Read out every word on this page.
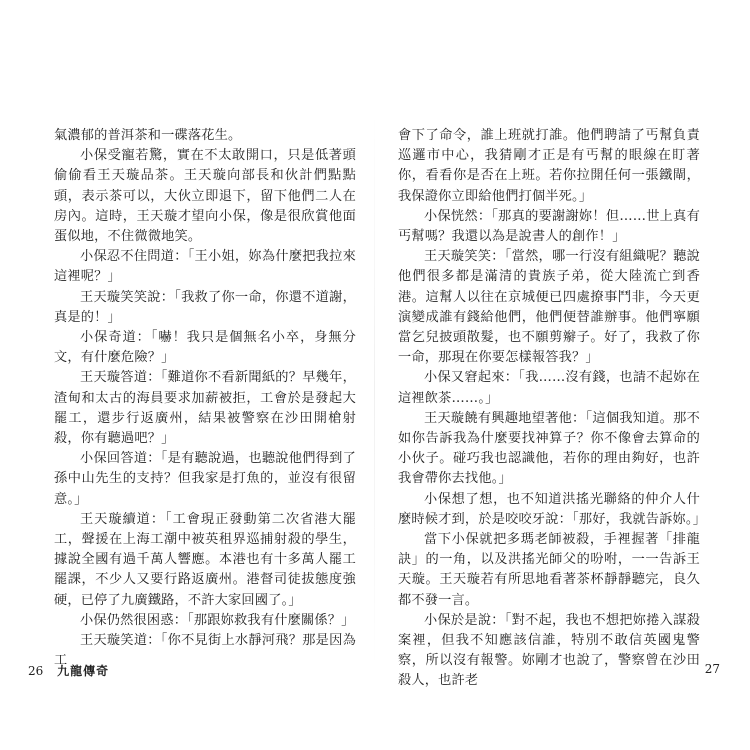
氣濃郁的普洱茶和一碟落花生。

小保受寵若驚，實在不太敢開口，只是低著頭偷偷看王天璇品茶。王天璇向部長和伙計們點點頭，表示茶可以，大伙立即退下，留下他們二人在房內。這時，王天璇才望向小保，像是很欣賞他面蛋似地，不住微微地笑。

小保忍不住問道：「王小姐，妳為什麼把我拉來這裡呢？」

王天璇笑笑說：「我救了你一命，你還不道謝，真是的！」

小保奇道：「嚇！我只是個無名小卒，身無分文，有什麼危險？」

王天璇答道：「難道你不看新聞紙的？早幾年，渣甸和太古的海員要求加薪被拒，工會於是發起大罷工，還步行返廣州，結果被警察在沙田開槍射殺，你有聽過吧？」

小保回答道：「是有聽說過，也聽說他們得到了孫中山先生的支持？但我家是打魚的，並沒有很留意。」

王天璇續道：「工會現正發動第二次省港大罷工，聲援在上海工潮中被英租界巡捕射殺的學生，據說全國有過千萬人響應。本港也有十多萬人罷工罷課，不少人又要行路返廣州。港督司徒拔態度強硬，已停了九廣鐵路，不許大家回國了。」

小保仍然很困惑：「那跟妳救我有什麼關係？」

王天璇笑道：「你不見街上水靜河飛？那是因為工

會下了命令，誰上班就打誰。他們聘請了丐幫負責巡邏市中心，我猜剛才正是有丐幫的眼線在盯著你，看看你是否在上班。若你拉開任何一張鐵閘，我保證你立即給他們打個半死。」

小保恍然：「那真的要謝謝妳！但……世上真有丐幫嗎？我還以為是說書人的創作！」

王天璇笑笑：「當然，哪一行沒有組織呢？聽說他們很多都是滿清的貴族子弟，從大陸流亡到香港。這幫人以往在京城便已四處撩事鬥非，今天更演變成誰有錢給他們，他們便替誰辦事。他們寧願當乞兒披頭散髮，也不願剪辮子。好了，我救了你一命，那現在你要怎樣報答我？」

小保又窘起來：「我……沒有錢，也請不起妳在這裡飲茶……。」

王天璇饒有興趣地望著他：「這個我知道。那不如你告訴我為什麼要找神算子？你不像會去算命的小伙子。碰巧我也認識他，若你的理由夠好，也許我會帶你去找他。」

小保想了想，也不知道洪搖光聯絡的仲介人什麼時候才到，於是咬咬牙說：「那好，我就告訴妳。」

當下小保就把多瑪老師被殺，手裡握著「排龍訣」的一角，以及洪搖光師父的吩咐，一一告訴王天璇。王天璇若有所思地看著茶杯靜靜聽完，良久都不發一言。

小保於是說：「對不起，我也不想把妳捲入謀殺案裡，但我不知應該信誰，特別不敢信英國鬼警察，所以沒有報警。妳剛才也說了，警察曾在沙田殺人，也許老

26 九龍傳奇	27
